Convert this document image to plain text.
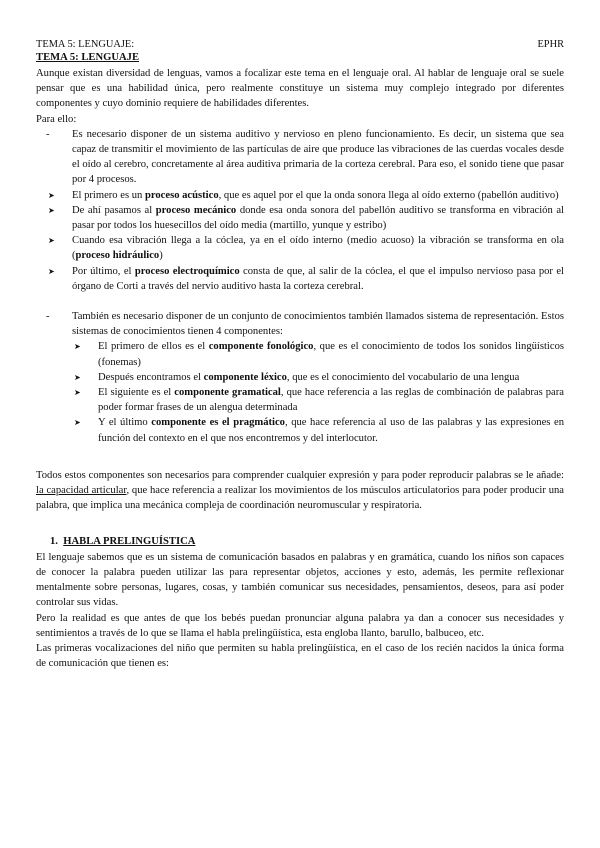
TEMA 5: LENGUAJE:	EPHR
TEMA 5: LENGUAJE

Aunque existan diversidad de lenguas, vamos a focalizar este tema en el lenguaje oral. Al hablar de lenguaje oral se suele pensar que es una habilidad única, pero realmente constituye un sistema muy complejo integrado por diferentes componentes y cuyo dominio requiere de habilidades diferentes.

Para ello:

-	Es necesario disponer de un sistema auditivo y nervioso en pleno funcionamiento. Es decir, un sistema que sea capaz de transmitir el movimiento de las partículas de aire que produce las vibraciones de las cuerdas vocales desde el oído al cerebro, concretamente al área auditiva primaria de la corteza cerebral. Para eso, el sonido tiene que pasar por 4 procesos.
➤	El primero es un proceso acústico, que es aquel por el que la onda sonora llega al oído externo (pabellón auditivo)
➤	De ahí pasamos al proceso mecánico donde esa onda sonora del pabellón auditivo se transforma en vibración al pasar por todos los huesecillos del oído media (martillo, yunque y estribo)
➤	Cuando esa vibración llega a la cóclea, ya en el oído interno (medio acuoso) la vibración se transforma en ola (proceso hidráulico)
➤	Por último, el proceso electroquímico consta de que, al salir de la cóclea, el que el impulso nervioso pasa por el órgano de Corti a través del nervio auditivo hasta la corteza cerebral.
-	También es necesario disponer de un conjunto de conocimientos también llamados sistema de representación. Estos sistemas de conocimientos tienen 4 componentes:
➤	El primero de ellos es el componente fonológico, que es el conocimiento de todos los sonidos lingüísticos (fonemas)
➤	Después encontramos el componente léxico, que es el conocimiento del vocabulario de una lengua
➤	El siguiente es el componente gramatical, que hace referencia a las reglas de combinación de palabras para poder formar frases de un alengua determinada
➤	Y el último componente es el pragmático, que hace referencia al uso de las palabras y las expresiones en función del contexto en el que nos encontremos y del interlocutor.

Todos estos componentes son necesarios para comprender cualquier expresión y para poder reproducir palabras se le añade: la capacidad articular, que hace referencia a realizar los movimientos de los músculos articulatorios para poder producir una palabra, que implica una mecánica compleja de coordinación neuromuscular y respiratoria.

1. HABLA PRELINGUÍSTICA

El lenguaje sabemos que es un sistema de comunicación basados en palabras y en gramática, cuando los niños son capaces de conocer la palabra pueden utilizar las para representar objetos, acciones y esto, además, les permite reflexionar mentalmente sobre personas, lugares, cosas, y también comunicar sus necesidades, pensamientos, deseos, para así poder controlar sus vidas.

Pero la realidad es que antes de que los bebés puedan pronunciar alguna palabra ya dan a conocer sus necesidades y sentimientos a través de lo que se llama el habla prelingüística, esta engloba llanto, barullo, balbuceo, etc.

Las primeras vocalizaciones del niño que permiten su habla prelingüística, en el caso de los recién nacidos la única forma de comunicación que tienen es:
